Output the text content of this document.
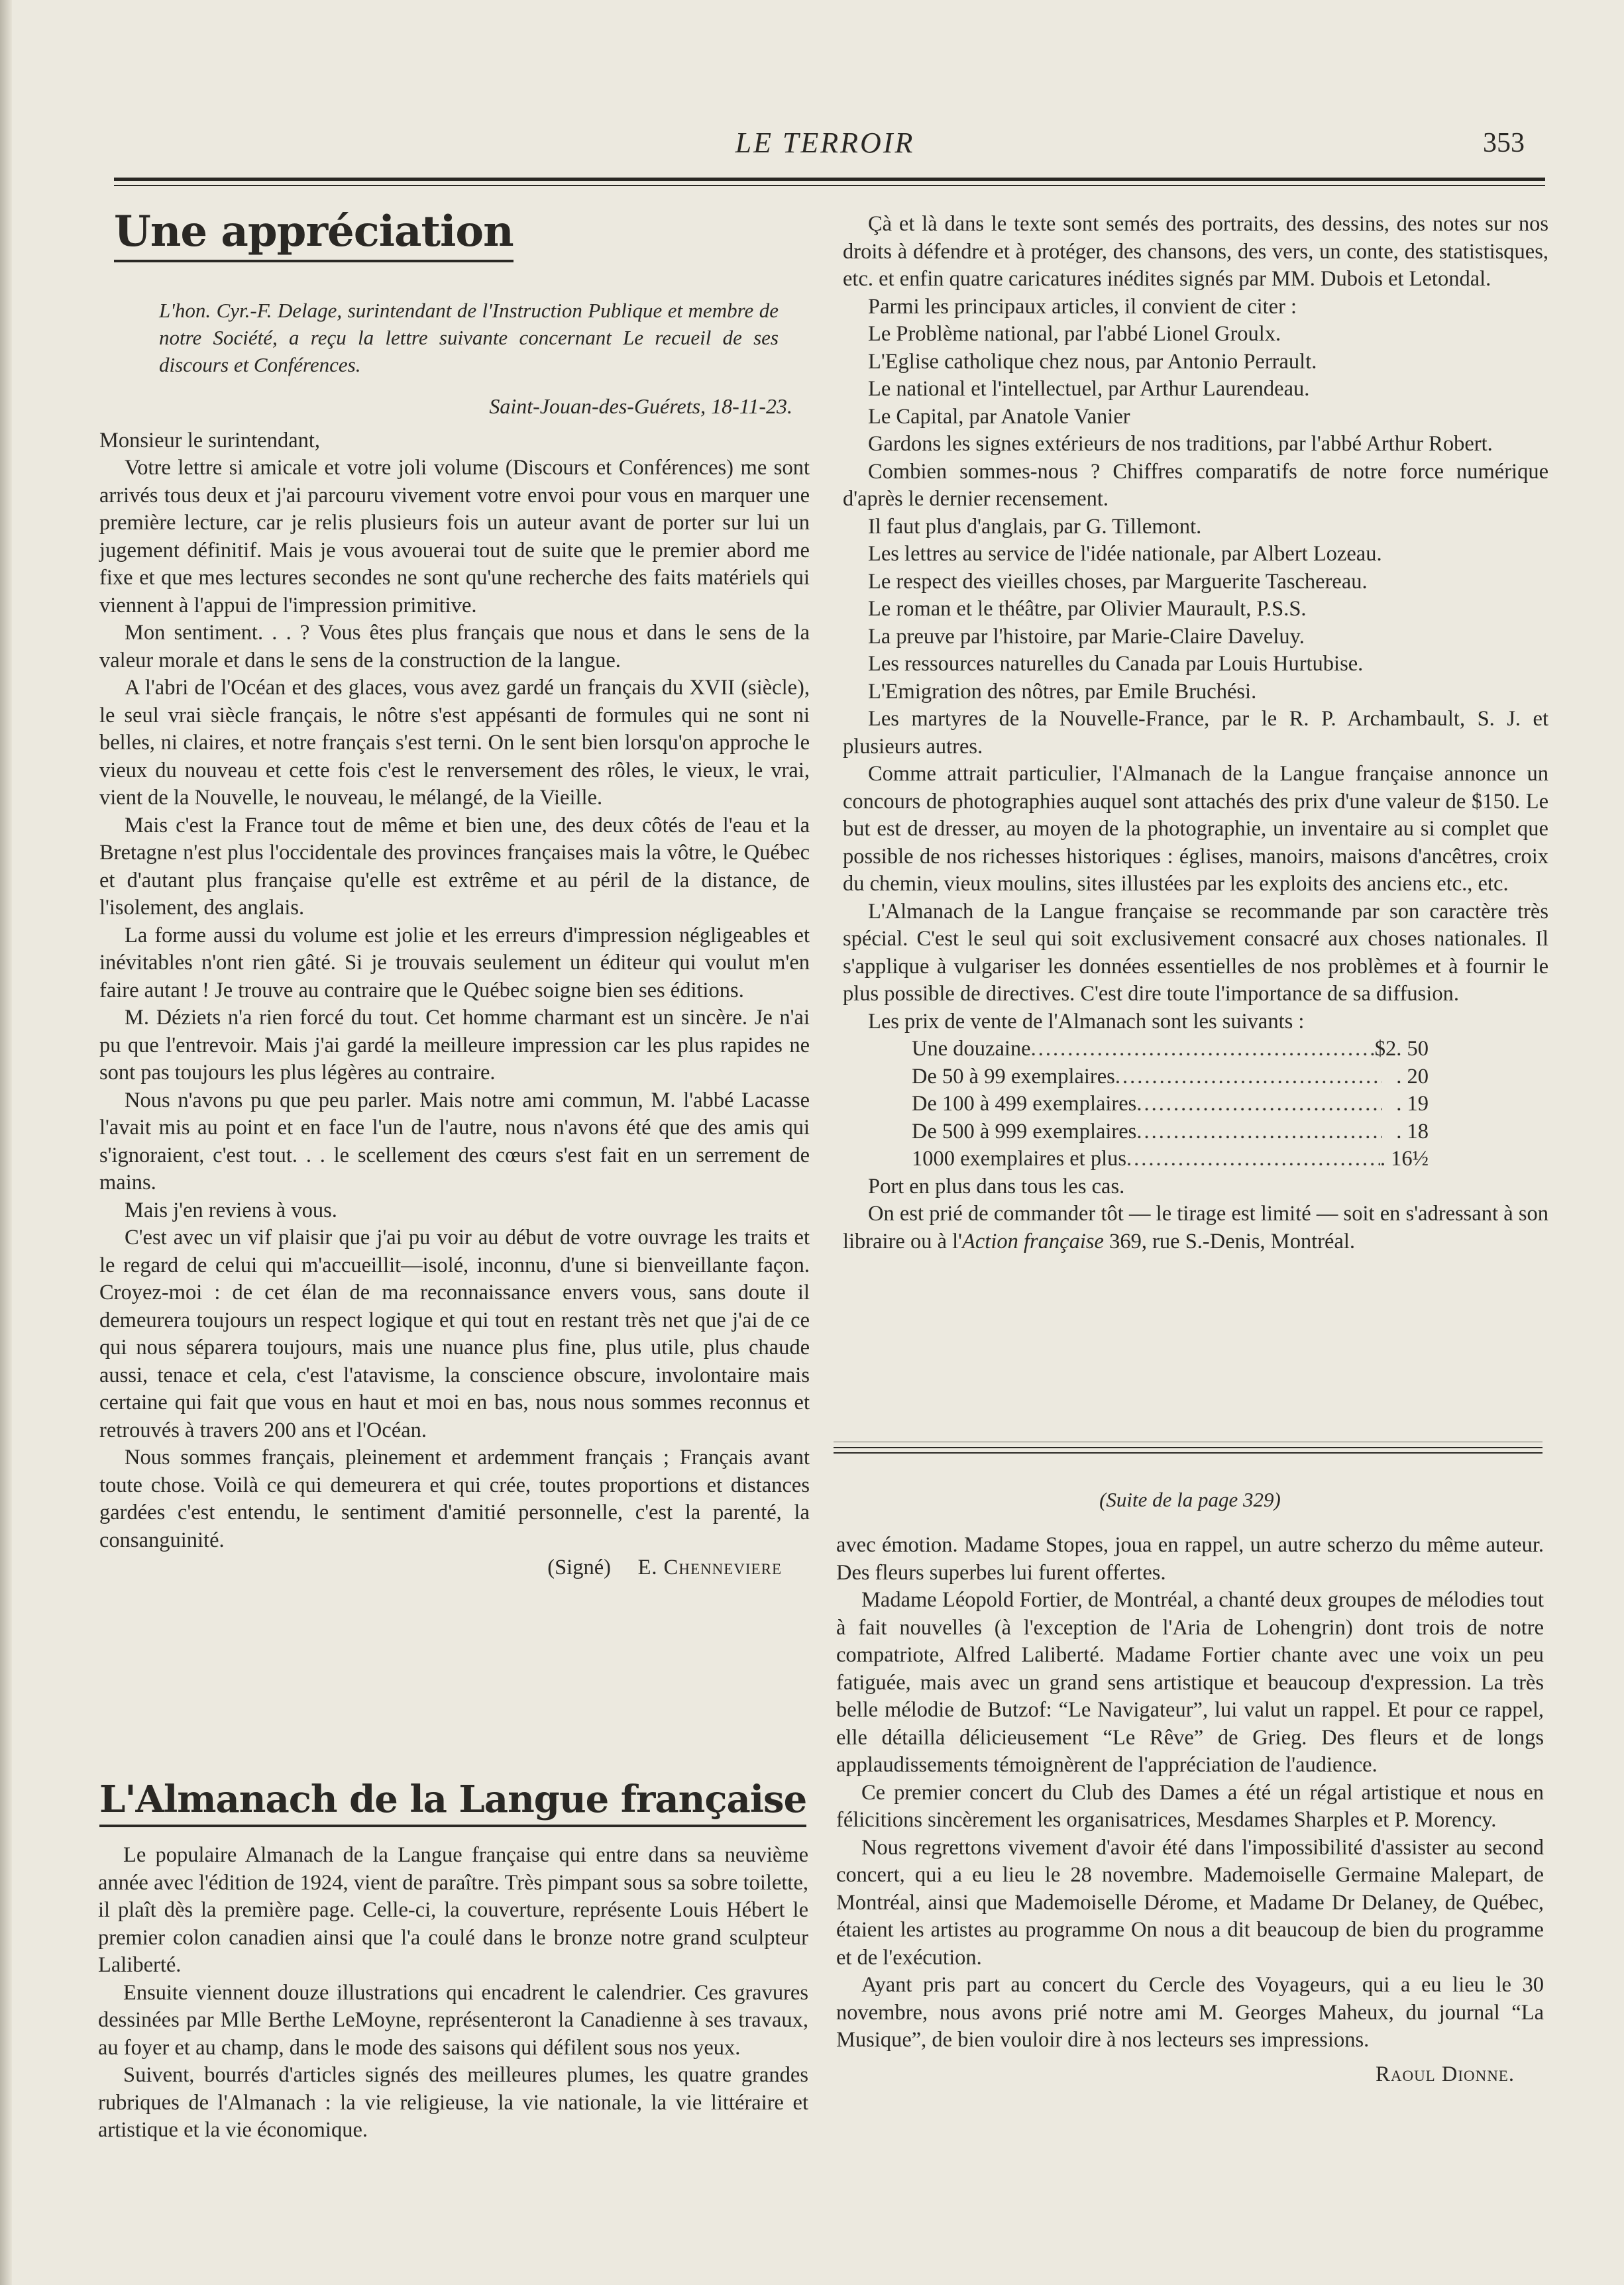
LE TERROIR	353
Une appréciation
L'hon. Cyr.-F. Delage, surintendant de l'Instruction Publique et membre de notre Société, a reçu la lettre suivante concernant Le recueil de ses discours et Conférences.
Saint-Jouan-des-Guérets, 18-11-23.

Monsieur le surintendant,

Votre lettre si amicale et votre joli volume (Discours et Conférences) me sont arrivés tous deux et j'ai parcouru vivement votre envoi pour vous en marquer une première lecture, car je relis plusieurs fois un auteur avant de porter sur lui un jugement définitif. Mais je vous avouerai tout de suite que le premier abord me fixe et que mes lectures secondes ne sont qu'une recherche des faits matériels qui viennent à l'appui de l'impression primitive.

Mon sentiment. . . ? Vous êtes plus français que nous et dans le sens de la valeur morale et dans le sens de la construction de la langue.

A l'abri de l'Océan et des glaces, vous avez gardé un français du XVII (siècle), le seul vrai siècle français, le nôtre s'est appésanti de formules qui ne sont ni belles, ni claires, et notre français s'est terni. On le sent bien lorsqu'on approche le vieux du nouveau et cette fois c'est le renversement des rôles, le vieux, le vrai, vient de la Nouvelle, le nouveau, le mélangé, de la Vieille.

Mais c'est la France tout de même et bien une, des deux côtés de l'eau et la Bretagne n'est plus l'occidentale des provinces françaises mais la vôtre, le Québec et d'autant plus française qu'elle est extrême et au péril de la distance, de l'isolement, des anglais.

La forme aussi du volume est jolie et les erreurs d'impression négligeables et inévitables n'ont rien gâté. Si je trouvais seulement un éditeur qui voulut m'en faire autant ! Je trouve au contraire que le Québec soigne bien ses éditions.

M. Déziets n'a rien forcé du tout. Cet homme charmant est un sincère. Je n'ai pu que l'entrevoir. Mais j'ai gardé la meilleure impression car les plus rapides ne sont pas toujours les plus légères au contraire.

Nous n'avons pu que peu parler. Mais notre ami commun, M. l'abbé Lacasse l'avait mis au point et en face l'un de l'autre, nous n'avons été que des amis qui s'ignoraient, c'est tout. . . le scellement des cœurs s'est fait en un serrement de mains.

Mais j'en reviens à vous.

C'est avec un vif plaisir que j'ai pu voir au début de votre ouvrage les traits et le regard de celui qui m'accueillit—isolé, inconnu, d'une si bienveillante façon. Croyez-moi : de cet élan de ma reconnaissance envers vous, sans doute il demeurera toujours un respect logique et qui tout en restant très net que j'ai de ce qui nous séparera toujours, mais une nuance plus fine, plus utile, plus chaude aussi, tenace et cela, c'est l'atavisme, la conscience obscure, involontaire mais certaine qui fait que vous en haut et moi en bas, nous nous sommes reconnus et retrouvés à travers 200 ans et l'Océan.

Nous sommes français, pleinement et ardemment français ; Français avant toute chose. Voilà ce qui demeurera et qui crée, toutes proportions et distances gardées c'est entendu, le sentiment d'amitié personnelle, c'est la parenté, la consanguinité.

(Signé) E. Chenneviere
L'Almanach de la Langue française

Le populaire Almanach de la Langue française qui entre dans sa neuvième année avec l'édition de 1924, vient de paraître. Très pimpant sous sa sobre toilette, il plaît dès la première page. Celle-ci, la couverture, représente Louis Hébert le premier colon canadien ainsi que l'a coulé dans le bronze notre grand sculpteur Laliberté.

Ensuite viennent douze illustrations qui encadrent le calendrier. Ces gravures dessinées par Mlle Berthe LeMoyne, représenteront la Canadienne à ses travaux, au foyer et au champ, dans le mode des saisons qui défilent sous nos yeux.

Suivent, bourrés d'articles signés des meilleures plumes, les quatre grandes rubriques de l'Almanach : la vie religieuse, la vie nationale, la vie littéraire et artistique et la vie économique.

Çà et là dans le texte sont semés des portraits, des dessins, des notes sur nos droits à défendre et à protéger, des chansons, des vers, un conte, des statistisques, etc. et enfin quatre caricatures inédites signés par MM. Dubois et Letondal.

Parmi les principaux articles, il convient de citer :

Le Problème national, par l'abbé Lionel Groulx.

L'Eglise catholique chez nous, par Antonio Perrault.

Le national et l'intellectuel, par Arthur Laurendeau.

Le Capital, par Anatole Vanier

Gardons les signes extérieurs de nos traditions, par l'abbé Arthur Robert.

Combien sommes-nous ? Chiffres comparatifs de notre force numérique d'après le dernier recensement.

Il faut plus d'anglais, par G. Tillemont.

Les lettres au service de l'idée nationale, par Albert Lozeau.

Le respect des vieilles choses, par Marguerite Taschereau.

Le roman et le théâtre, par Olivier Maurault, P.S.S.

La preuve par l'histoire, par Marie-Claire Daveluy.

Les ressources naturelles du Canada par Louis Hurtubise.

L'Emigration des nôtres, par Emile Bruchési.

Les martyres de la Nouvelle-France, par le R. P. Archambault, S. J. et plusieurs autres.

Comme attrait particulier, l'Almanach de la Langue française annonce un concours de photographies auquel sont attachés des prix d'une valeur de $150. Le but est de dresser, au moyen de la photographie, un inventaire au si complet que possible de nos richesses historiques : églises, manoirs, maisons d'ancêtres, croix du chemin, vieux moulins, sites illustées par les exploits des anciens etc., etc.

L'Almanach de la Langue française se recommande par son caractère très spécial. C'est le seul qui soit exclusivement consacré aux choses nationales. Il s'applique à vulgariser les données essentielles de nos problèmes et à fournir le plus possible de directives. C'est dire toute l'importance de sa diffusion.

Les prix de vente de l'Almanach sont les suivants :

Une douzaine .....	$2. 50
De 50 à 99 exemplaires .....	. 20
De 100 à 499 exemplaires .....	. 19
De 500 à 999 exemplaires .....	. 18
1000 exemplaires et plus .....	. 16½

Port en plus dans tous les cas.

On est prié de commander tôt — le tirage est limité — soit en s'adressant à son libraire ou à l'Action française 369, rue S.-Denis, Montréal.

(Suite de la page 329)

avec émotion. Madame Stopes, joua en rappel, un autre scherzo du même auteur. Des fleurs superbes lui furent offertes.

Madame Léopold Fortier, de Montréal, a chanté deux groupes de mélodies tout à fait nouvelles (à l'exception de l'Aria de Lohengrin) dont trois de notre compatriote, Alfred Laliberté. Madame Fortier chante avec une voix un peu fatiguée, mais avec un grand sens artistique et beaucoup d'expression. La très belle mélodie de Butzof: “Le Navigateur”, lui valut un rappel. Et pour ce rappel, elle détailla délicieusement “Le Rêve” de Grieg. Des fleurs et de longs applaudissements témoignèrent de l'appréciation de l'audience.

Ce premier concert du Club des Dames a été un régal artistique et nous en félicitions sincèrement les organisatrices, Mesdames Sharples et P. Morency.

Nous regrettons vivement d'avoir été dans l'impossibilité d'assister au second concert, qui a eu lieu le 28 novembre. Mademoiselle Germaine Malepart, de Montréal, ainsi que Mademoiselle Dérome, et Madame Dr Delaney, de Québec, étaient les artistes au programme On nous a dit beaucoup de bien du programme et de l'exécution.

Ayant pris part au concert du Cercle des Voyageurs, qui a eu lieu le 30 novembre, nous avons prié notre ami M. Georges Maheux, du journal “La Musique”, de bien vouloir dire à nos lecteurs ses impressions.

Raoul Dionne.
